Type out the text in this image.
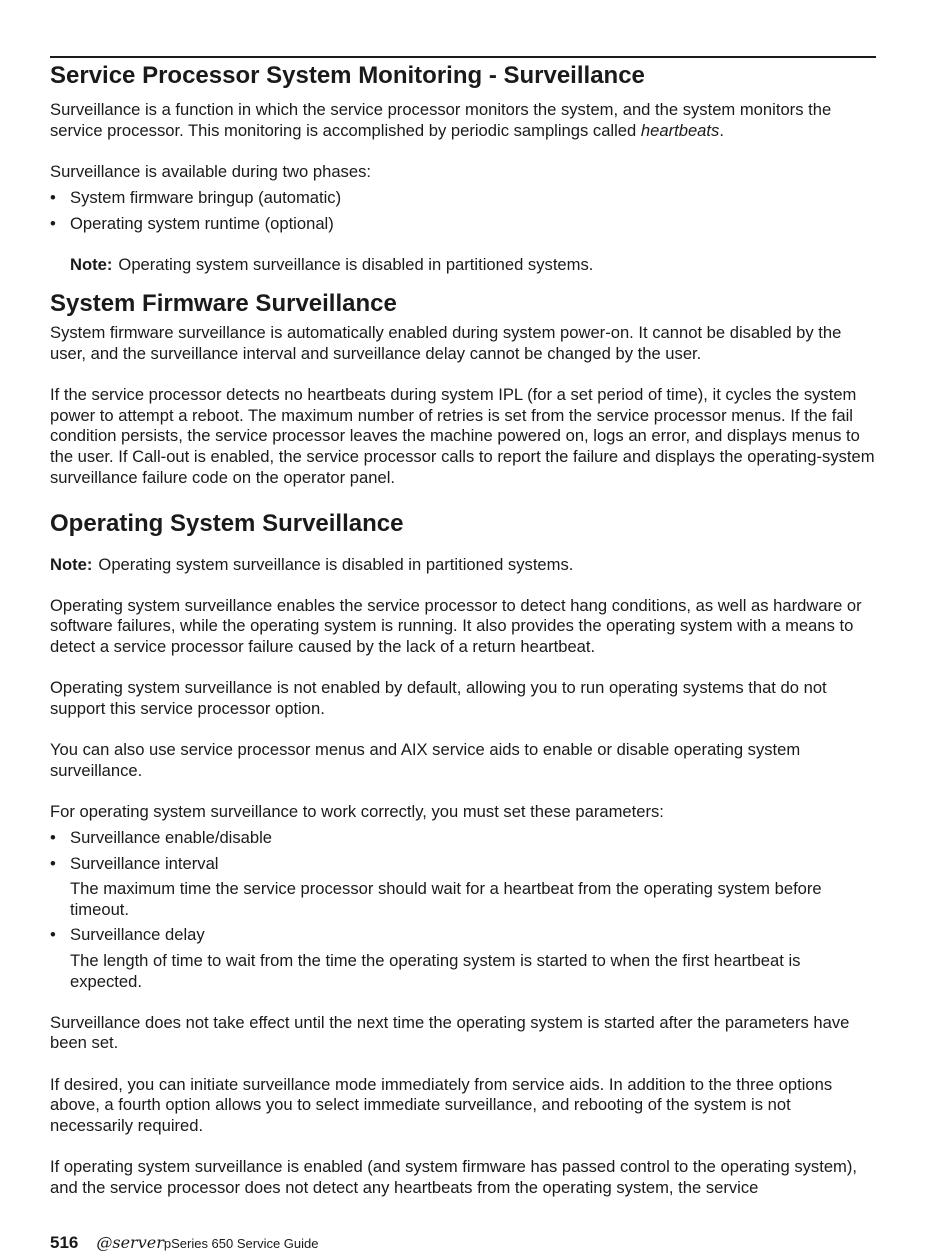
Service Processor System Monitoring - Surveillance

Surveillance is a function in which the service processor monitors the system, and the system monitors the service processor. This monitoring is accomplished by periodic samplings called heartbeats.

Surveillance is available during two phases:

• System firmware bringup (automatic)
• Operating system runtime (optional)
Note: Operating system surveillance is disabled in partitioned systems.
System Firmware Surveillance

System firmware surveillance is automatically enabled during system power-on. It cannot be disabled by the user, and the surveillance interval and surveillance delay cannot be changed by the user.

If the service processor detects no heartbeats during system IPL (for a set period of time), it cycles the system power to attempt a reboot. The maximum number of retries is set from the service processor menus. If the fail condition persists, the service processor leaves the machine powered on, logs an error, and displays menus to the user. If Call-out is enabled, the service processor calls to report the failure and displays the operating-system surveillance failure code on the operator panel.

Operating System Surveillance
Note: Operating system surveillance is disabled in partitioned systems.

Operating system surveillance enables the service processor to detect hang conditions, as well as hardware or software failures, while the operating system is running. It also provides the operating system with a means to detect a service processor failure caused by the lack of a return heartbeat.

Operating system surveillance is not enabled by default, allowing you to run operating systems that do not support this service processor option.

You can also use service processor menus and AIX service aids to enable or disable operating system surveillance.

For operating system surveillance to work correctly, you must set these parameters:

• Surveillance enable/disable
• Surveillance interval
The maximum time the service processor should wait for a heartbeat from the operating system before timeout.
• Surveillance delay
The length of time to wait from the time the operating system is started to when the first heartbeat is expected.

Surveillance does not take effect until the next time the operating system is started after the parameters have been set.

If desired, you can initiate surveillance mode immediately from service aids. In addition to the three options above, a fourth option allows you to select immediate surveillance, and rebooting of the system is not necessarily required.

If operating system surveillance is enabled (and system firmware has passed control to the operating system), and the service processor does not detect any heartbeats from the operating system, the service

516 @serverpSeries 650 Service Guide
